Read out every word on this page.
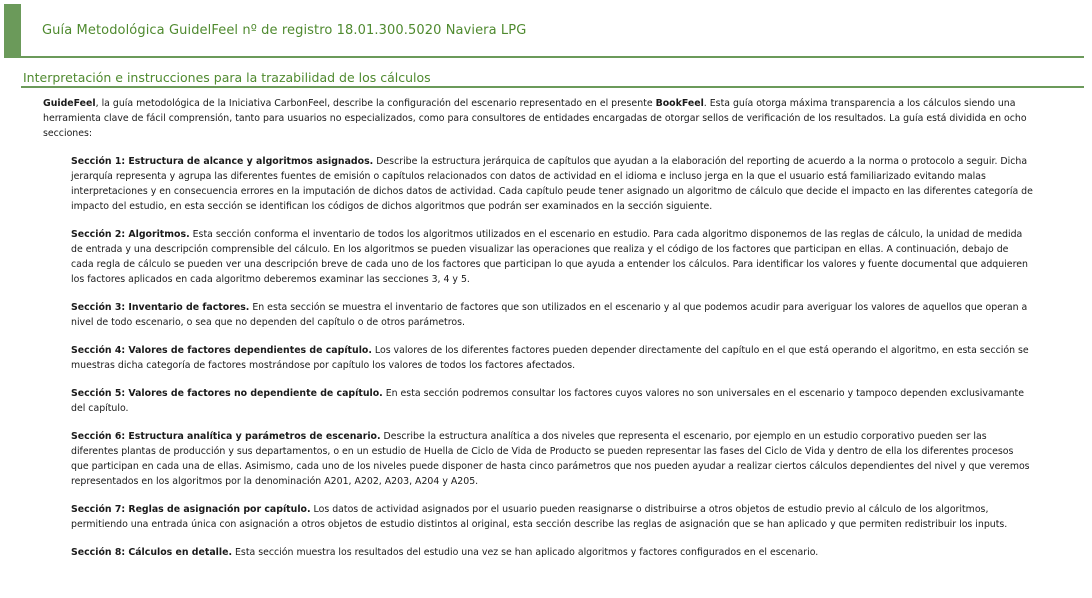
Guía Metodológica GuidelFeel nº de registro 18.01.300.5020 Naviera LPG
Interpretación e instrucciones para la trazabilidad de los cálculos

GuideFeel, la guía metodológica de la Iniciativa CarbonFeel, describe la configuración del escenario representado en el presente BookFeel. Esta guía otorga máxima transparencia a los cálculos siendo una herramienta clave de fácil comprensión, tanto para usuarios no especializados, como para consultores de entidades encargadas de otorgar sellos de verificación de los resultados. La guía está dividida en ocho secciones:

Sección 1: Estructura de alcance y algoritmos asignados. Describe la estructura jerárquica de capítulos que ayudan a la elaboración del reporting de acuerdo a la norma o protocolo a seguir. Dicha jerarquía representa y agrupa las diferentes fuentes de emisión o capítulos relacionados con datos de actividad en el idioma e incluso jerga en la que el usuario está familiarizado evitando malas interpretaciones y en consecuencia errores en la imputación de dichos datos de actividad. Cada capítulo peude tener asignado un algoritmo de cálculo que decide el impacto en las diferentes categoría de impacto del estudio, en esta sección se identifican los códigos de dichos algoritmos que podrán ser examinados en la sección siguiente.

Sección 2: Algoritmos. Esta sección conforma el inventario de todos los algoritmos utilizados en el escenario en estudio. Para cada algoritmo disponemos de las reglas de cálculo, la unidad de medida de entrada y una descripción comprensible del cálculo. En los algoritmos se pueden visualizar las operaciones que realiza y el código de los factores que participan en ellas. A continuación, debajo de cada regla de cálculo se pueden ver una descripción breve de cada uno de los factores que participan lo que ayuda a entender los cálculos. Para identificar los valores y fuente documental que adquieren los factores aplicados en cada algoritmo deberemos examinar las secciones 3, 4 y 5.

Sección 3: Inventario de factores. En esta sección se muestra el inventario de factores que son utilizados en el escenario y al que podemos acudir para averiguar los valores de aquellos que operan a nivel de todo escenario, o sea que no dependen del capítulo o de otros parámetros.

Sección 4: Valores de factores dependientes de capítulo. Los valores de los diferentes factores pueden depender directamente del capítulo en el que está operando el algoritmo, en esta sección se muestras dicha categoría de factores mostrándose por capítulo los valores de todos los factores afectados.

Sección 5: Valores de factores no dependiente de capítulo. En esta sección podremos consultar los factores cuyos valores no son universales en el escenario y tampoco dependen exclusivamante del capítulo.

Sección 6: Estructura analítica y parámetros de escenario. Describe la estructura analítica a dos niveles que representa el escenario, por ejemplo en un estudio corporativo pueden ser las diferentes plantas de producción y sus departamentos, o en un estudio de Huella de Ciclo de Vida de Producto se pueden representar las fases del Ciclo de Vida y dentro de ella los diferentes procesos que participan en cada una de ellas. Asimismo, cada uno de los niveles puede disponer de hasta cinco parámetros que nos pueden ayudar a realizar ciertos cálculos dependientes del nivel y que veremos representados en los algoritmos por la denominación A201, A202, A203, A204 y A205.

Sección 7: Reglas de asignación por capítulo. Los datos de actividad asignados por el usuario pueden reasignarse o distribuirse a otros objetos de estudio previo al cálculo de los algoritmos, permitiendo una entrada única con asignación a otros objetos de estudio distintos al original, esta sección describe las reglas de asignación que se han aplicado y que permiten redistribuir los inputs.

Sección 8: Cálculos en detalle. Esta sección muestra los resultados del estudio una vez se han aplicado algoritmos y factores configurados en el escenario.
